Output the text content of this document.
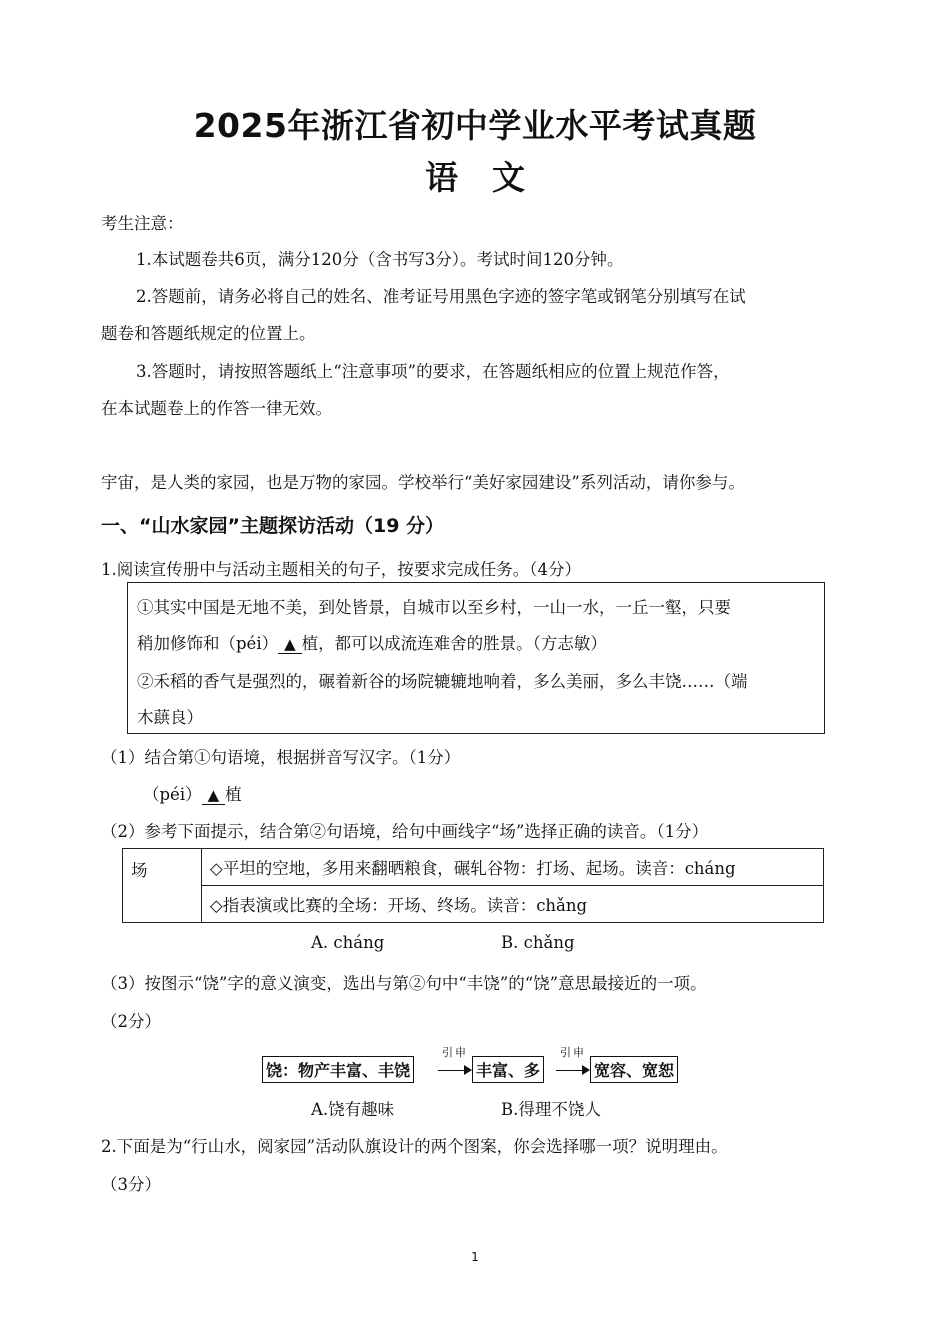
2025年浙江省初中学业水平考试真题
语文
考生注意：
1.本试题卷共6页，满分120分（含书写3分）。考试时间120分钟。
2.答题前，请务必将自己的姓名、准考证号用黑色字迹的签字笔或钢笔分别填写在试
题卷和答题纸规定的位置上。
3.答题时，请按照答题纸上“注意事项”的要求，在答题纸相应的位置上规范作答，
在本试题卷上的作答一律无效。
宇宙，是人类的家园，也是万物的家园。学校举行“美好家园建设”系列活动，请你参与。
一、“山水家园”主题探访活动（19 分）
1.阅读宣传册中与活动主题相关的句子，按要求完成任务。（4分）
①其实中国是无地不美，到处皆景，自城市以至乡村，一山一水，一丘一壑，只要
稍加修饰和（péi） ▲ 植，都可以成流连难舍的胜景。（方志敏）
②禾稻的香气是强烈的，碾着新谷的场院辘辘地响着，多么美丽，多么丰饶……（端
木蕻良）
（1）结合第①句语境，根据拼音写汉字。（1分）
（péi） ▲ 植
（2）参考下面提示，结合第②句语境，给句中画线字“场”选择正确的读音。（1分）
场	◇平坦的空地，多用来翻晒粮食，碾轧谷物：打场、起场。读音：cháng
◇指表演或比赛的全场：开场、终场。读音：chǎng
A. cháng	B. chǎng
（3）按图示“饶”字的意义演变，选出与第②句中“丰饶”的“饶”意思最接近的一项。
（2分）
饶：物产丰富、丰饶
引申
丰富、多
引申
宽容、宽恕
A.饶有趣味	B.得理不饶人
2.下面是为“行山水，阅家园”活动队旗设计的两个图案，你会选择哪一项？说明理由。
（3分）
1
